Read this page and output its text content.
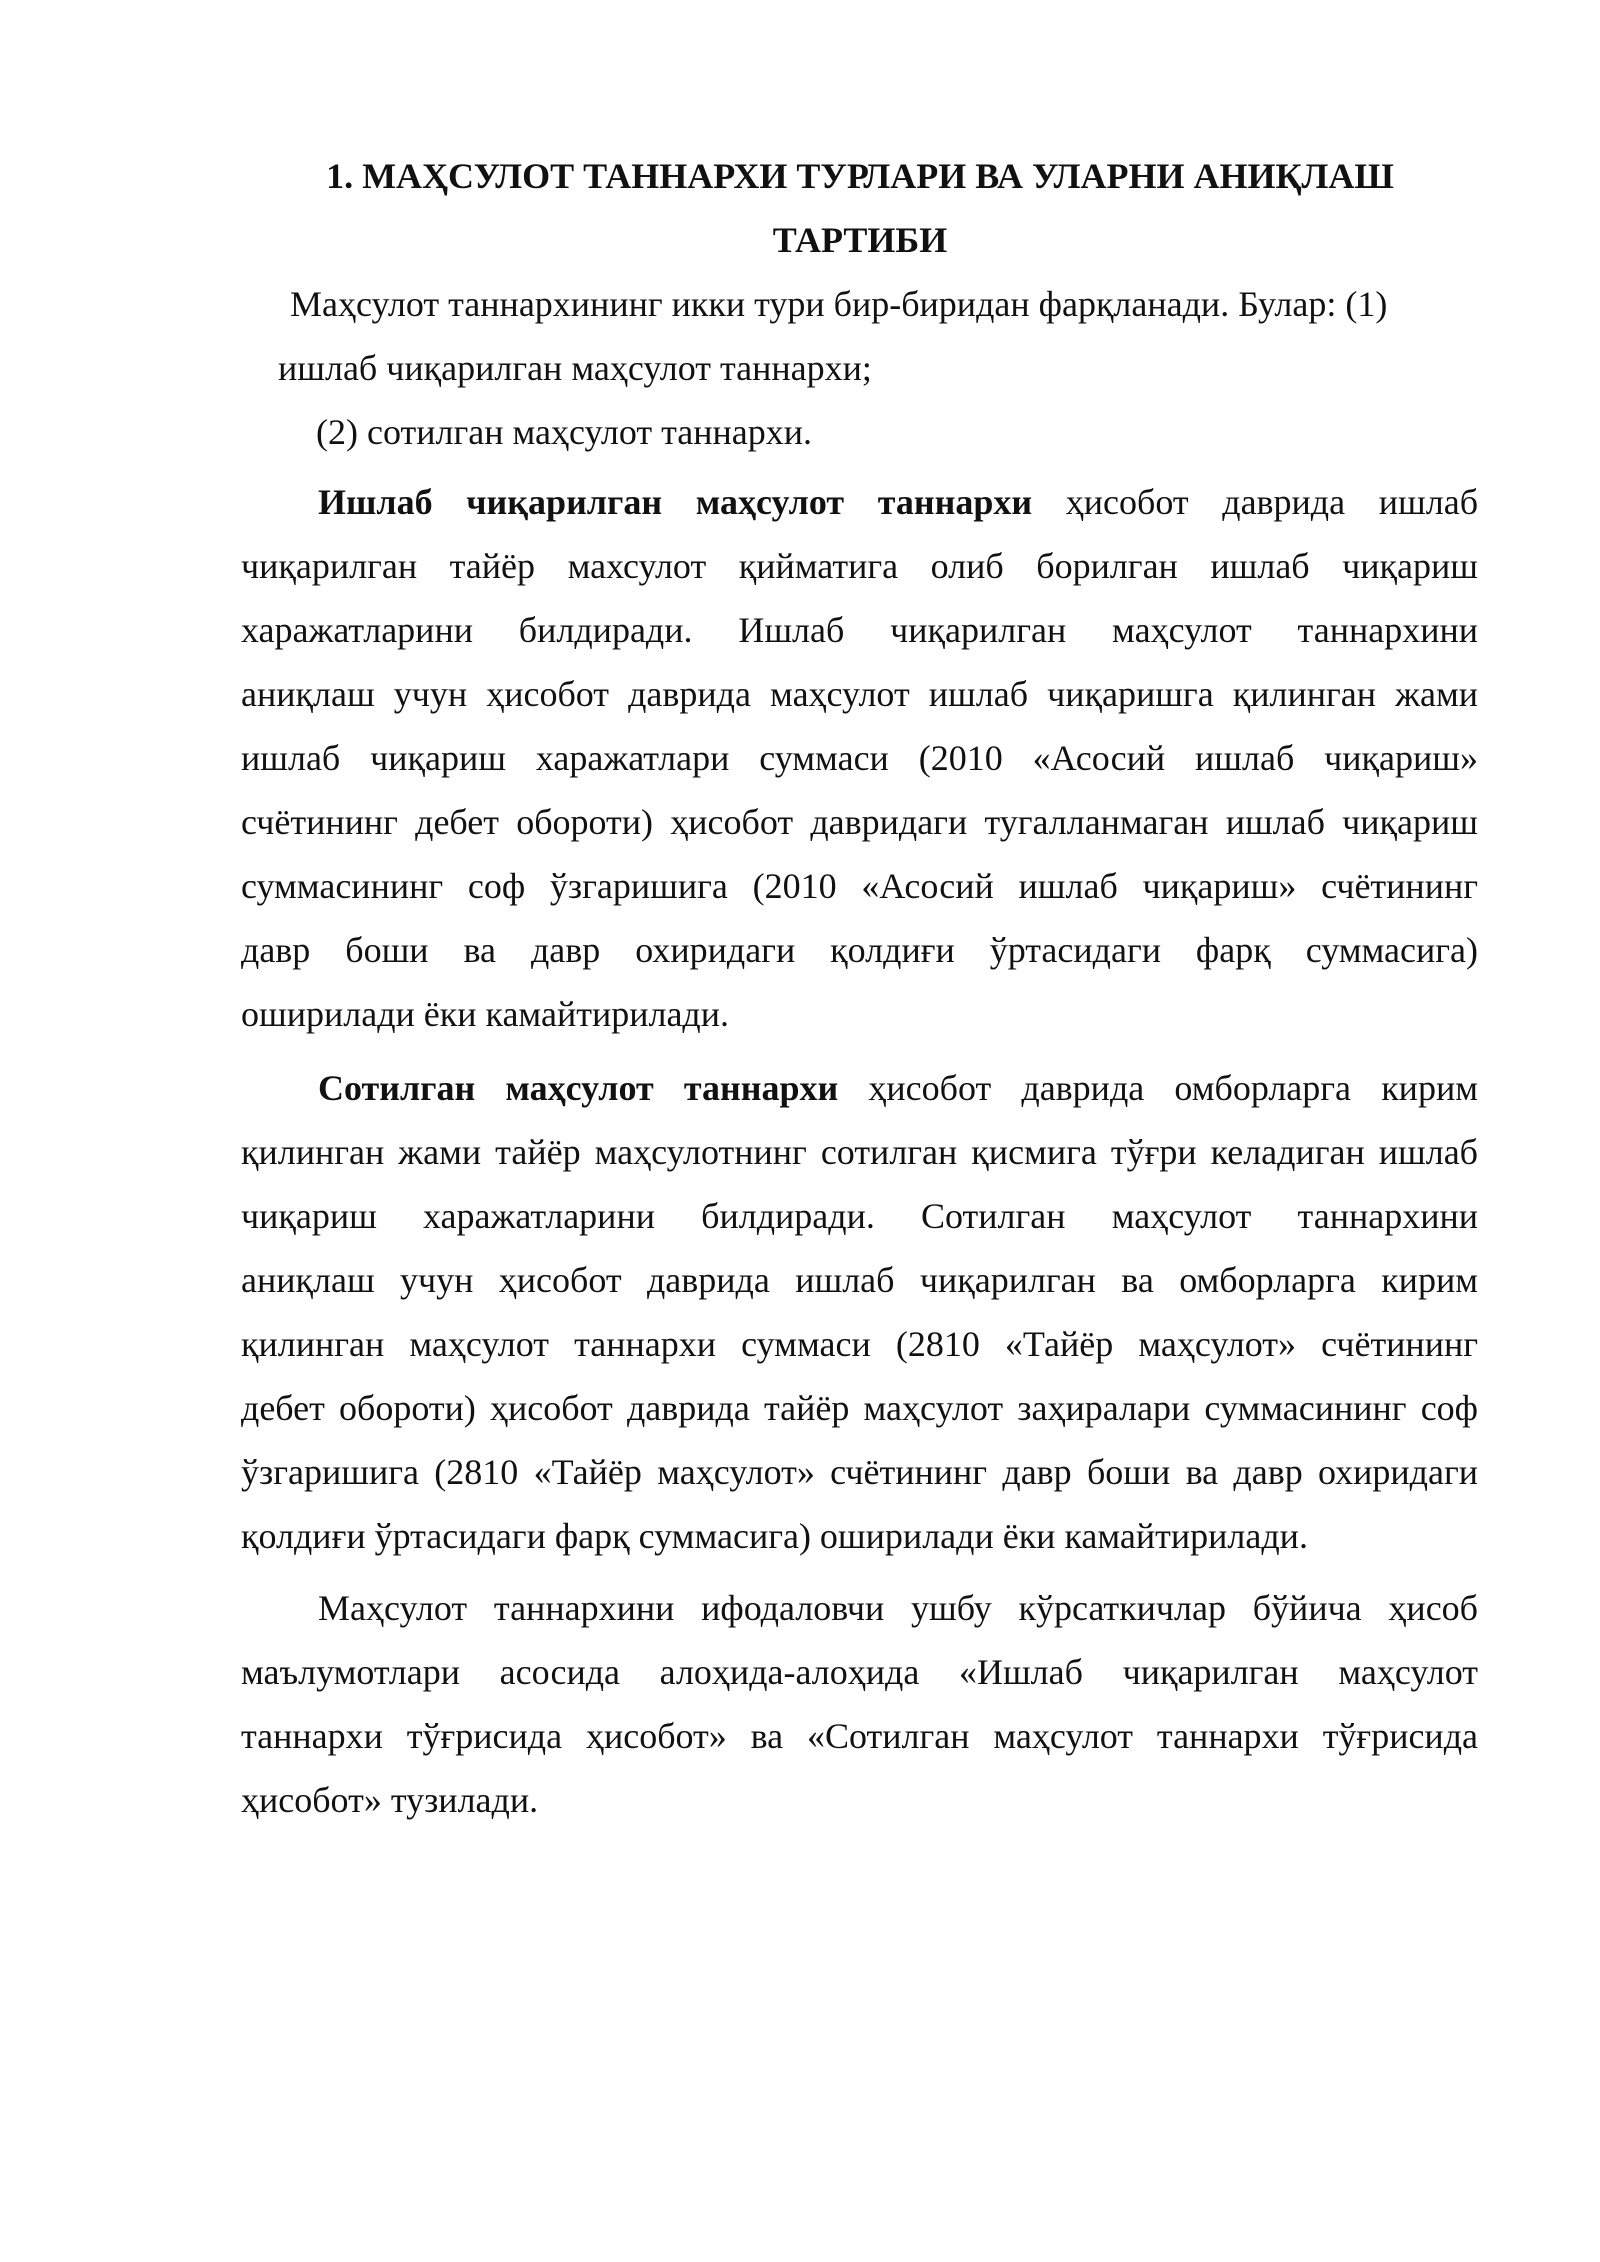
1. МАҲСУЛОТ ТАННАРХИ ТУРЛАРИ ВА УЛАРНИ АНИҚЛАШ

ТАРТИБИ

Маҳсулот таннархининг икки тури бир-биридан фарқланади. Булар: (1)

ишлаб чиқарилган маҳсулот таннархи;

(2) сотилган маҳсулот таннархи.

Ишлаб чиқарилган маҳсулот таннархи ҳисобот даврида ишлаб

чиқарилган тайёр махсулот қийматига олиб борилган ишлаб чиқариш

харажатларини билдиради. Ишлаб чиқарилган маҳсулот таннархини

аниқлаш учун ҳисобот даврида маҳсулот ишлаб чиқаришга қилинган жами

ишлаб чиқариш харажатлари суммаси (2010 «Асосий ишлаб чиқариш»

счётининг дебет обороти) ҳисобот давридаги тугалланмаган ишлаб чиқариш

суммасининг соф ўзгаришига (2010 «Асосий ишлаб чиқариш» счётининг

давр боши ва давр охиридаги қолдиғи ўртасидаги фарқ суммасига)

оширилади ёки камайтирилади.

Сотилган маҳсулот таннархи ҳисобот даврида омборларга кирим

қилинган жами тайёр маҳсулотнинг сотилган қисмига тўғри келадиган ишлаб

чиқариш харажатларини билдиради. Сотилган маҳсулот таннархини

аниқлаш учун ҳисобот даврида ишлаб чиқарилган ва омборларга кирим

қилинган маҳсулот таннархи суммаси (2810 «Тайёр маҳсулот» счётининг

дебет обороти) ҳисобот даврида тайёр маҳсулот заҳиралари суммасининг соф

ўзгаришига (2810 «Тайёр маҳсулот» счётининг давр боши ва давр охиридаги

қолдиғи ўртасидаги фарқ суммасига) оширилади ёки камайтирилади.

Маҳсулот таннархини ифодаловчи ушбу кўрсаткичлар бўйича ҳисоб

маълумотлари асосида алоҳида-алоҳида «Ишлаб чиқарилган маҳсулот

таннархи тўғрисида ҳисобот» ва «Сотилган маҳсулот таннархи тўғрисида

ҳисобот» тузилади.
